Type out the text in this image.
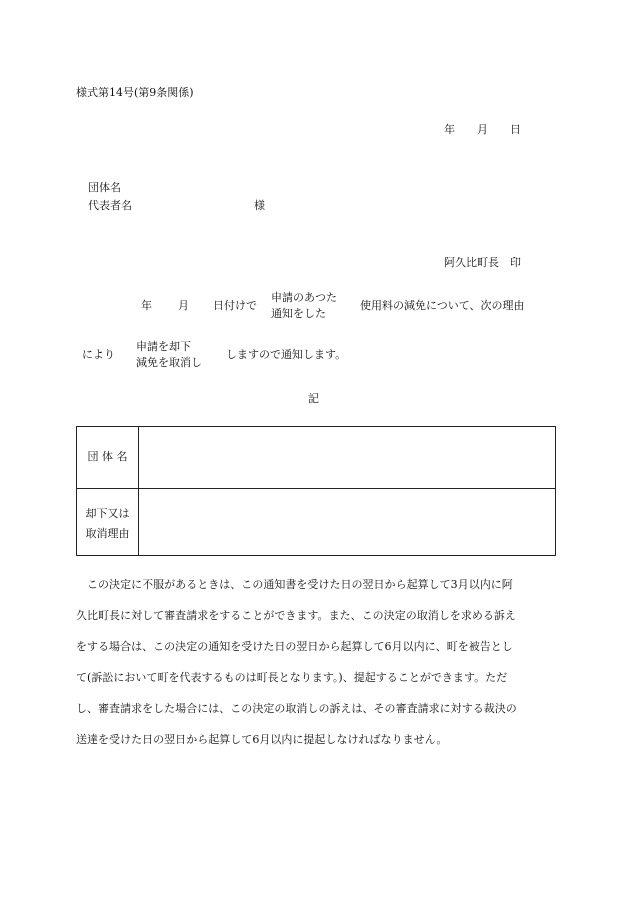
様式第14号(第9条関係)
年　　月　　日
団体名
代表者名	様
阿久比町長　印
年 月 日付けで
申請のあつた
通知をした
使用料の減免について、次の理由
により
申請を却下
減免を取消し
しますので通知します。
記
団 体 名
却下又は
取消理由
　この決定に不服があるときは、この通知書を受けた日の翌日から起算して3月以内に阿
久比町長に対して審査請求をすることができます。また、この決定の取消しを求める訴え
をする場合は、この決定の通知を受けた日の翌日から起算して6月以内に、町を被告とし
て(訴訟において町を代表するものは町長となります。)、提起することができます。ただ
し、審査請求をした場合には、この決定の取消しの訴えは、その審査請求に対する裁決の
送達を受けた日の翌日から起算して6月以内に提起しなければなりません。
